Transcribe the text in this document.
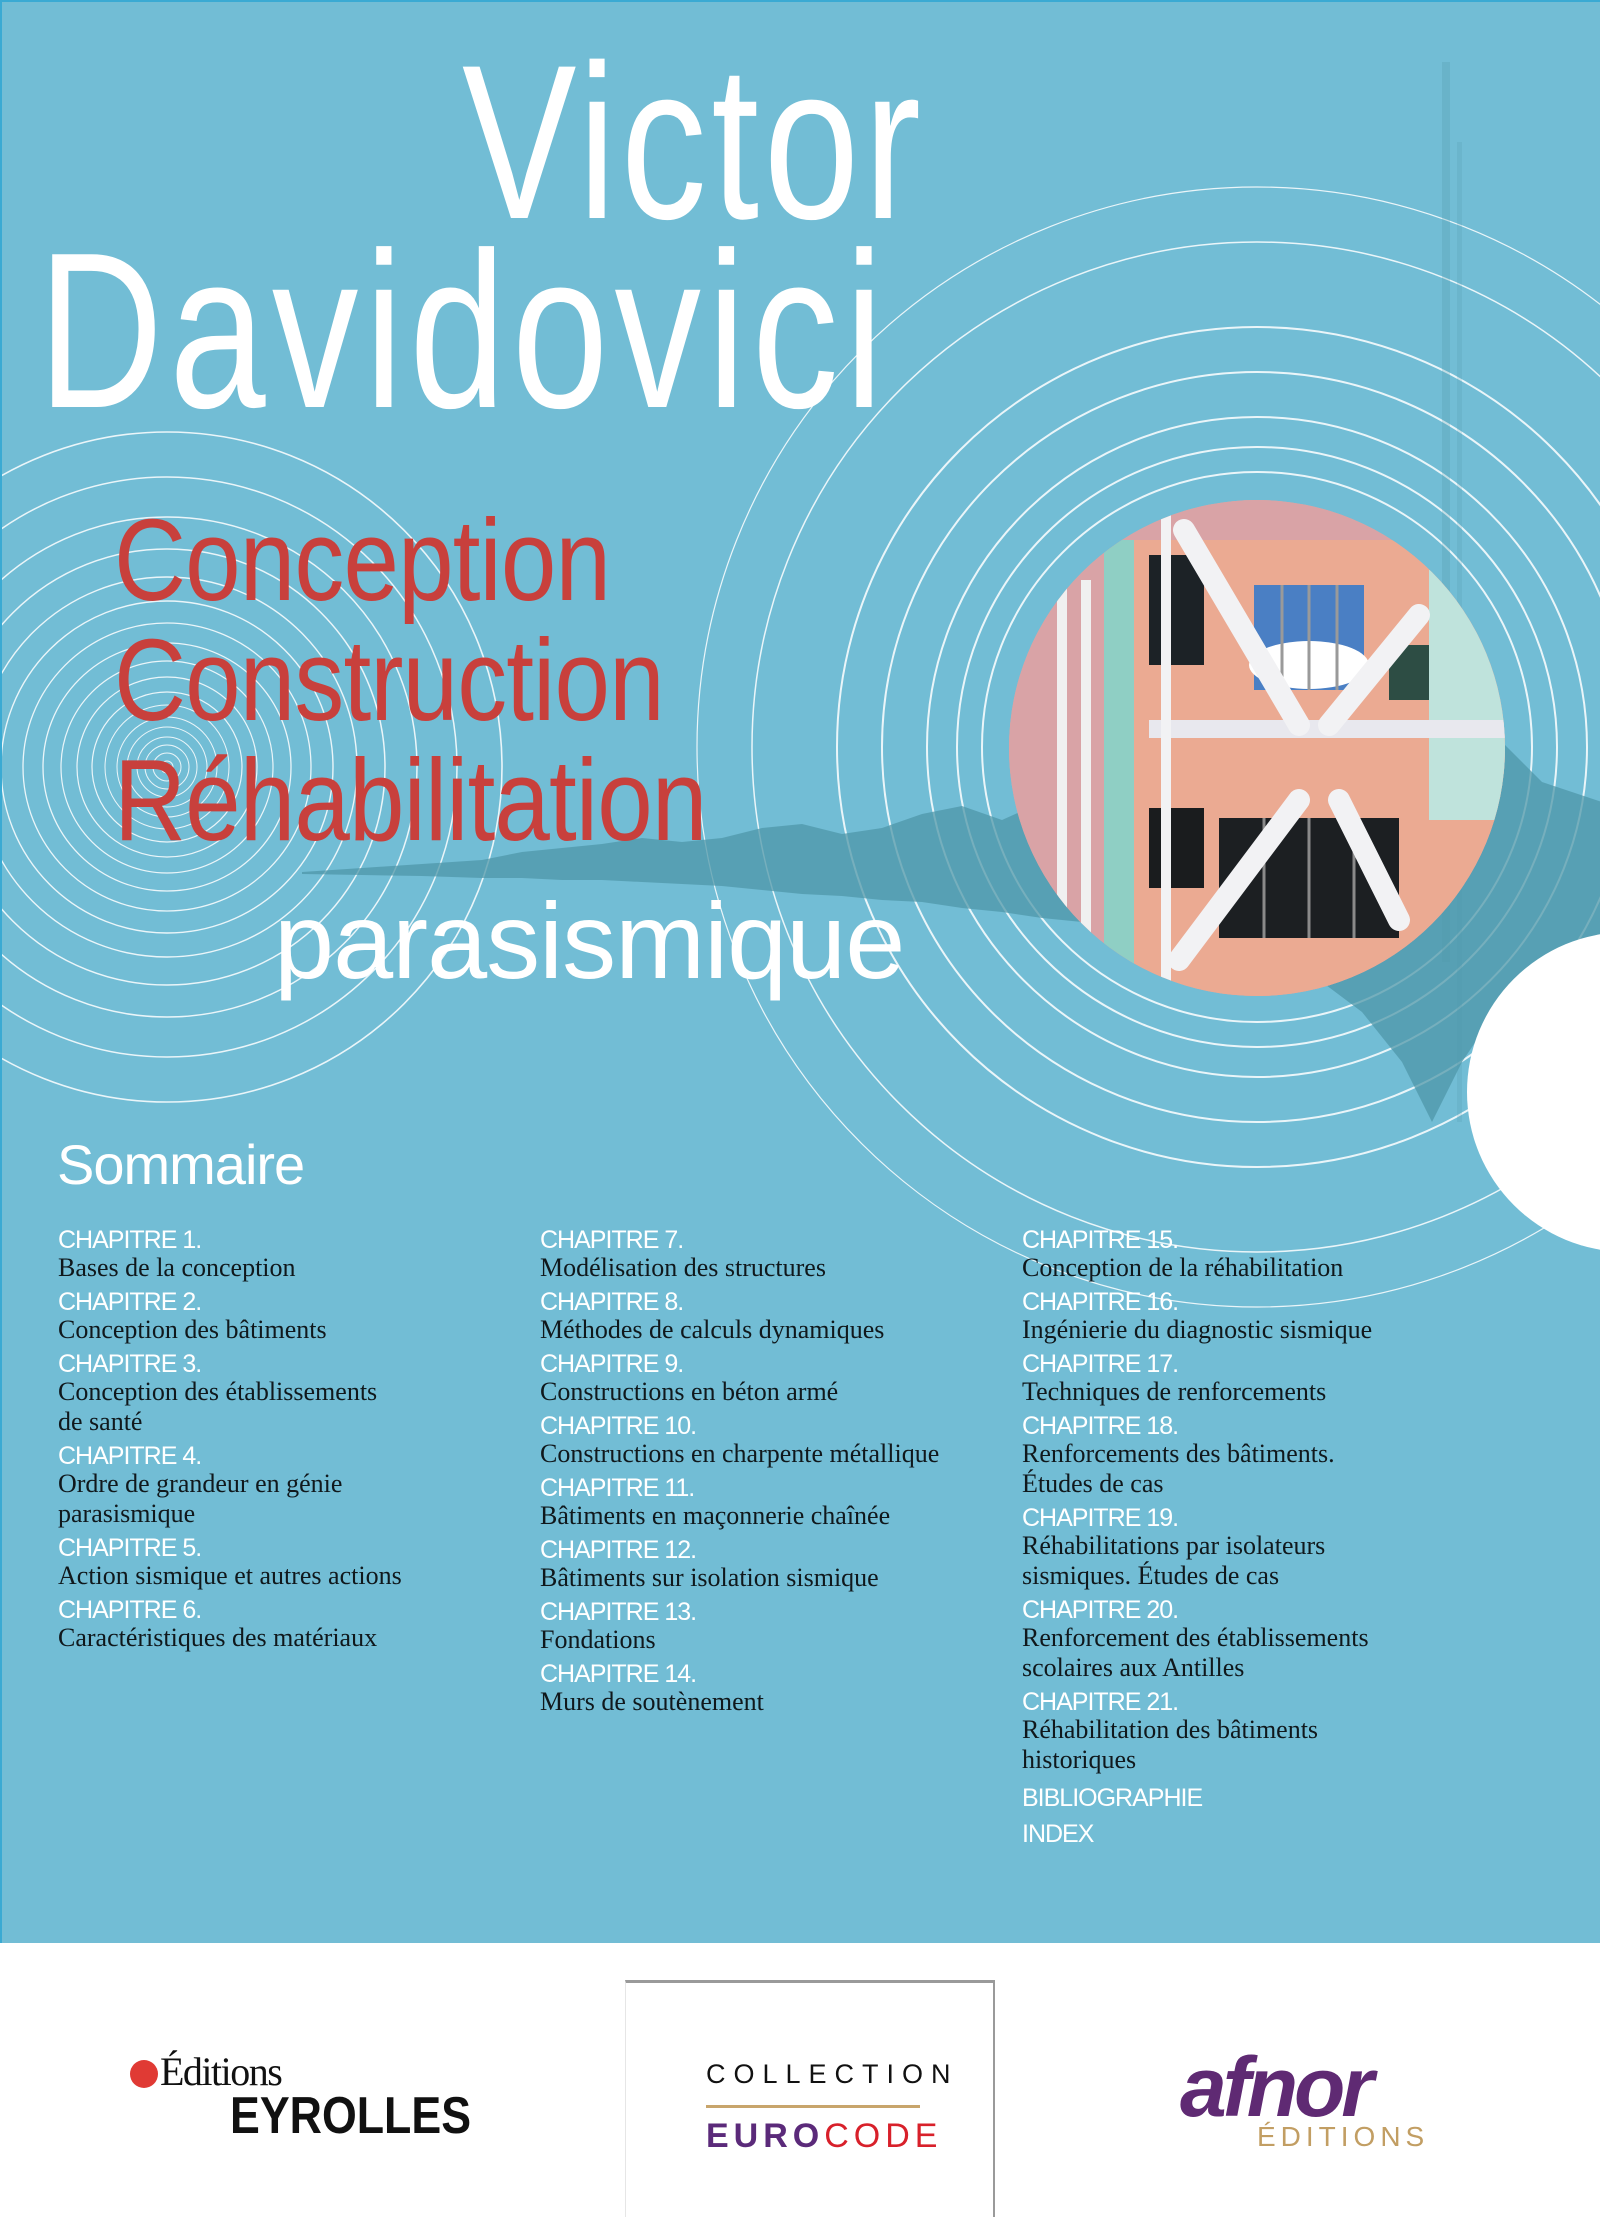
Victor
Davidovici
Conception
Construction
Réhabilitation
parasismique
Sommaire
CHAPITRE 1.
Bases de la conception
CHAPITRE 2.
Conception des bâtiments
CHAPITRE 3.
Conception des établissements
de santé
CHAPITRE 4.
Ordre de grandeur en génie
parasismique
CHAPITRE 5.
Action sismique et autres actions
CHAPITRE 6.
Caractéristiques des matériaux
CHAPITRE 7.
Modélisation des structures
CHAPITRE 8.
Méthodes de calculs dynamiques
CHAPITRE 9.
Constructions en béton armé
CHAPITRE 10.
Constructions en charpente métallique
CHAPITRE 11.
Bâtiments en maçonnerie chaînée
CHAPITRE 12.
Bâtiments sur isolation sismique
CHAPITRE 13.
Fondations
CHAPITRE 14.
Murs de soutènement
CHAPITRE 15.
Conception de la réhabilitation
CHAPITRE 16.
Ingénierie du diagnostic sismique
CHAPITRE 17.
Techniques de renforcements
CHAPITRE 18.
Renforcements des bâtiments.
Études de cas
CHAPITRE 19.
Réhabilitations par isolateurs
sismiques. Études de cas
CHAPITRE 20.
Renforcement des établissements
scolaires aux Antilles
CHAPITRE 21.
Réhabilitation des bâtiments
historiques
BIBLIOGRAPHIE
INDEX
Éditions
EYROLLES
COLLECTION
EUROCODE
afnor
ÉDITIONS
